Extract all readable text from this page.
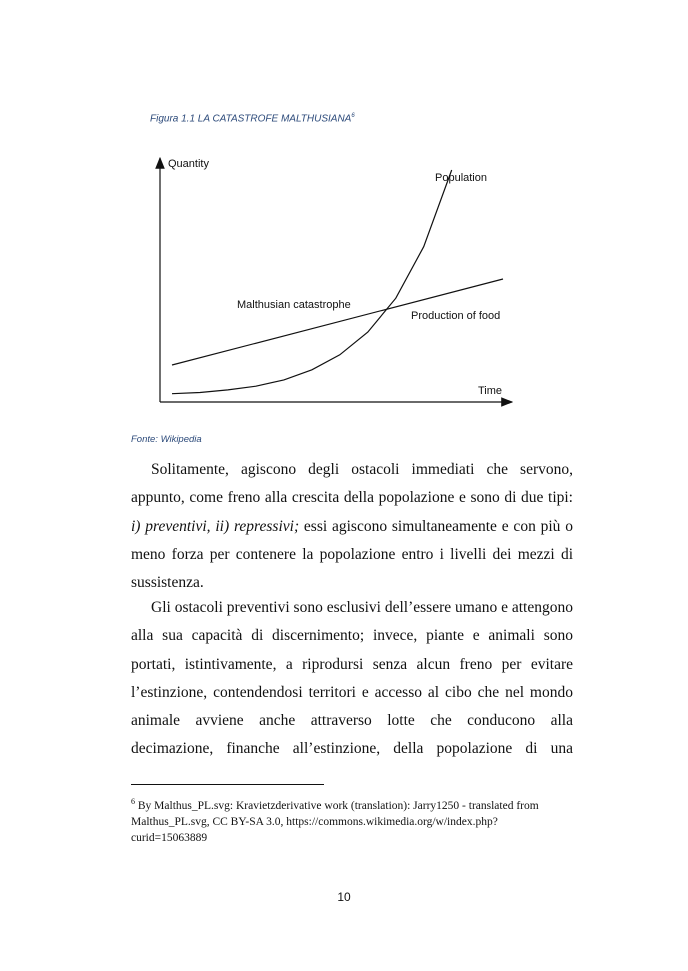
Figura 1.1 LA CATASTROFE MALTHUSIANA$^6$
Quantity
Time
Population
Production of food
Malthusian catastrophe
Fonte: Wikipedia

Solitamente, agiscono degli ostacoli immediati che servono, appunto, come freno alla crescita della popolazione e sono di due tipi: i) preventivi, ii) repressivi; essi agiscono simultaneamente e con più o meno forza per contenere la popolazione entro i livelli dei mezzi di sussistenza.

Gli ostacoli preventivi sono esclusivi dell’essere umano e attengono alla sua capacità di discernimento; invece, piante e animali sono portati, istintivamente, a riprodursi senza alcun freno per evitare l’estinzione, contendendosi territori e accesso al cibo che nel mondo animale avviene anche attraverso lotte che conducono alla decimazione, finanche all’estinzione, della popolazione di una

$^6$ By Malthus_PL.svg: Kravietzderivative work (translation): Jarry1250 - translated from Malthus_PL.svg, CC BY-SA 3.0, https://commons.wikimedia.org/w/index.php?curid=15063889
10
